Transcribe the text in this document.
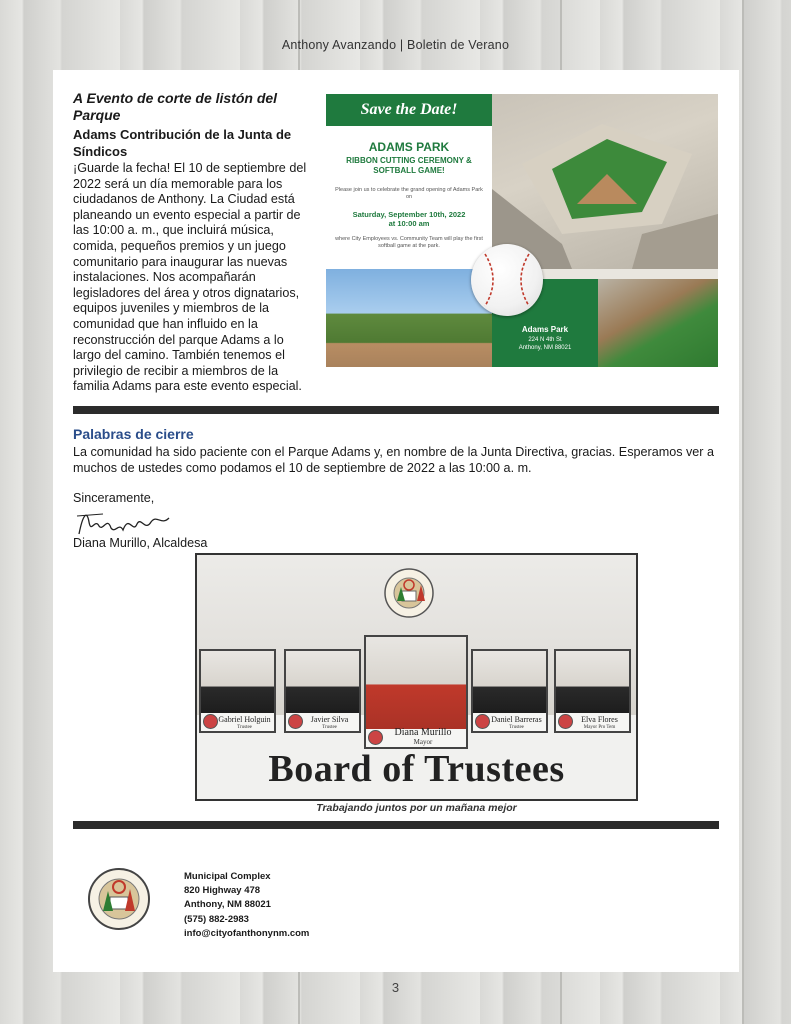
Anthony Avanzando | Boletin de Verano
A Evento de corte de listón del Parque
Adams Contribución de la Junta de Síndicos
¡Guarde la fecha! El 10 de septiembre del 2022 será un día memorable para los ciudadanos de Anthony. La Ciudad está planeando un evento especial a partir de las 10:00 a. m., que incluirá música, comida, pequeños premios y un juego comunitario para inaugurar las nuevas instalaciones. Nos acompañarán legisladores del área y otros dignatarios, equipos juveniles y miembros de la comunidad que han influido en la reconstrucción del parque Adams a lo largo del camino. También tenemos el privilegio de recibir a miembros de la familia Adams para este evento especial.
Save the Date!
ADAMS PARK
RIBBON CUTTING CEREMONY & SOFTBALL GAME!
Please join us to celebrate the grand opening of Adams Park on
Saturday, September 10th, 2022
at 10:00 am
where City Employees vs. Community Team will play the first softball game at the park.
Adams Park
224 N 4th St
Anthony, NM 88021
Palabras de cierre
La comunidad ha sido paciente con el Parque Adams y, en nombre de la Junta Directiva, gracias. Esperamos ver a muchos de ustedes como podamos el 10 de septiembre de 2022 a las 10:00 a. m.
Sinceramente,
Diana Murillo, Alcaldesa
Gabriel Holguin
Trustee
Javier Silva
Trustee	Diana Murillo
Mayor
Daniel Barreras
Trustee
Elva Flores
Mayor Pro Tem
Board of Trustees
Trabajando juntos por un mañana mejor
Municipal Complex
820 Highway 478
Anthony, NM 88021
(575) 882-2983
info@cityofanthonynm.com
3
